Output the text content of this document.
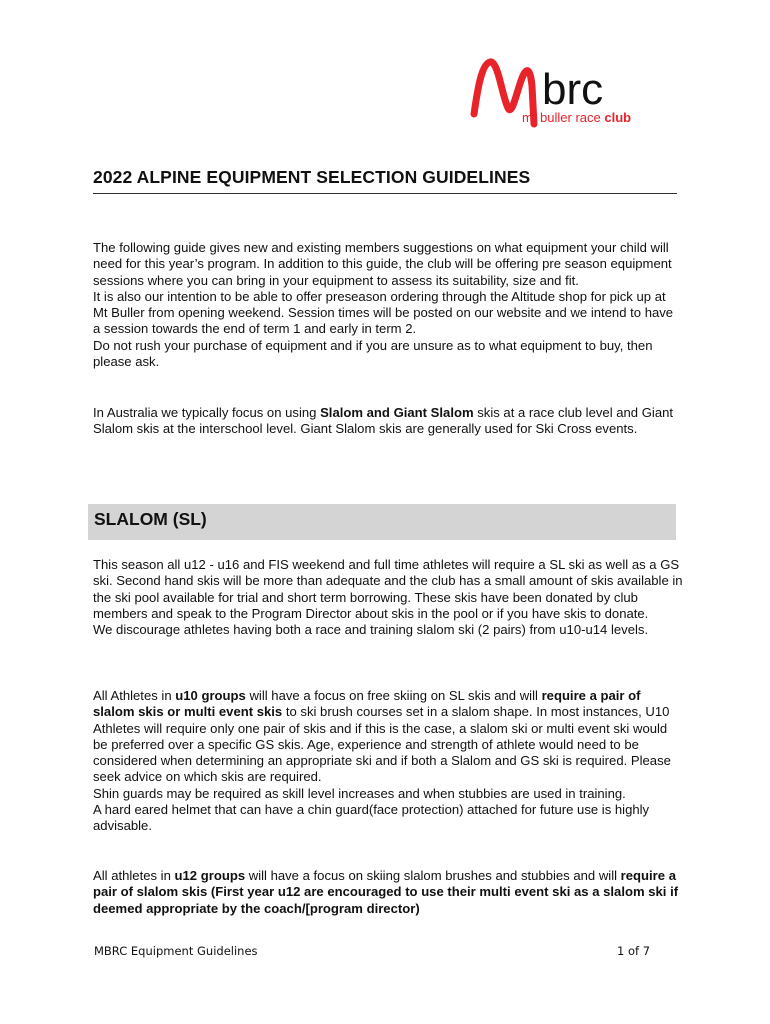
brc
mt buller race club
2022 ALPINE EQUIPMENT SELECTION GUIDELINES

The following guide gives new and existing members suggestions on what equipment your child will need for this year’s program. In addition to this guide, the club will be offering pre season equipment sessions where you can bring in your equipment to assess its suitability, size and fit.

It is also our intention to be able to offer preseason ordering through the Altitude shop for pick up at Mt Buller from opening weekend. Session times will be posted on our website and we intend to have a session towards the end of term 1 and early in term 2.

Do not rush your purchase of equipment and if you are unsure as to what equipment to buy, then please ask.

In Australia we typically focus on using Slalom and Giant Slalom skis at a race club level and Giant Slalom skis at the interschool level. Giant Slalom skis are generally used for Ski Cross events.

SLALOM (SL)

This season all u12 - u16 and FIS weekend and full time athletes will require a SL ski as well as a GS ski. Second hand skis will be more than adequate and the club has a small amount of skis available in the ski pool available for trial and short term borrowing. These skis have been donated by club members and speak to the Program Director about skis in the pool or if you have skis to donate.

We discourage athletes having both a race and training slalom ski (2 pairs) from u10-u14 levels.

All Athletes in u10 groups will have a focus on free skiing on SL skis and will require a pair of slalom skis or multi event skis to ski brush courses set in a slalom shape. In most instances, U10 Athletes will require only one pair of skis and if this is the case, a slalom ski or multi event ski would be preferred over a specific GS skis. Age, experience and strength of athlete would need to be considered when determining an appropriate ski and if both a Slalom and GS ski is required. Please seek advice on which skis are required.

Shin guards may be required as skill level increases and when stubbies are used in training.

A hard eared helmet that can have a chin guard(face protection) attached for future use is highly advisable.

All athletes in u12 groups will have a focus on skiing slalom brushes and stubbies and will require a pair of slalom skis (First year u12 are encouraged to use their multi event ski as a slalom ski if deemed appropriate by the coach/[program director)

MBRC Equipment Guidelines	1 of 7
